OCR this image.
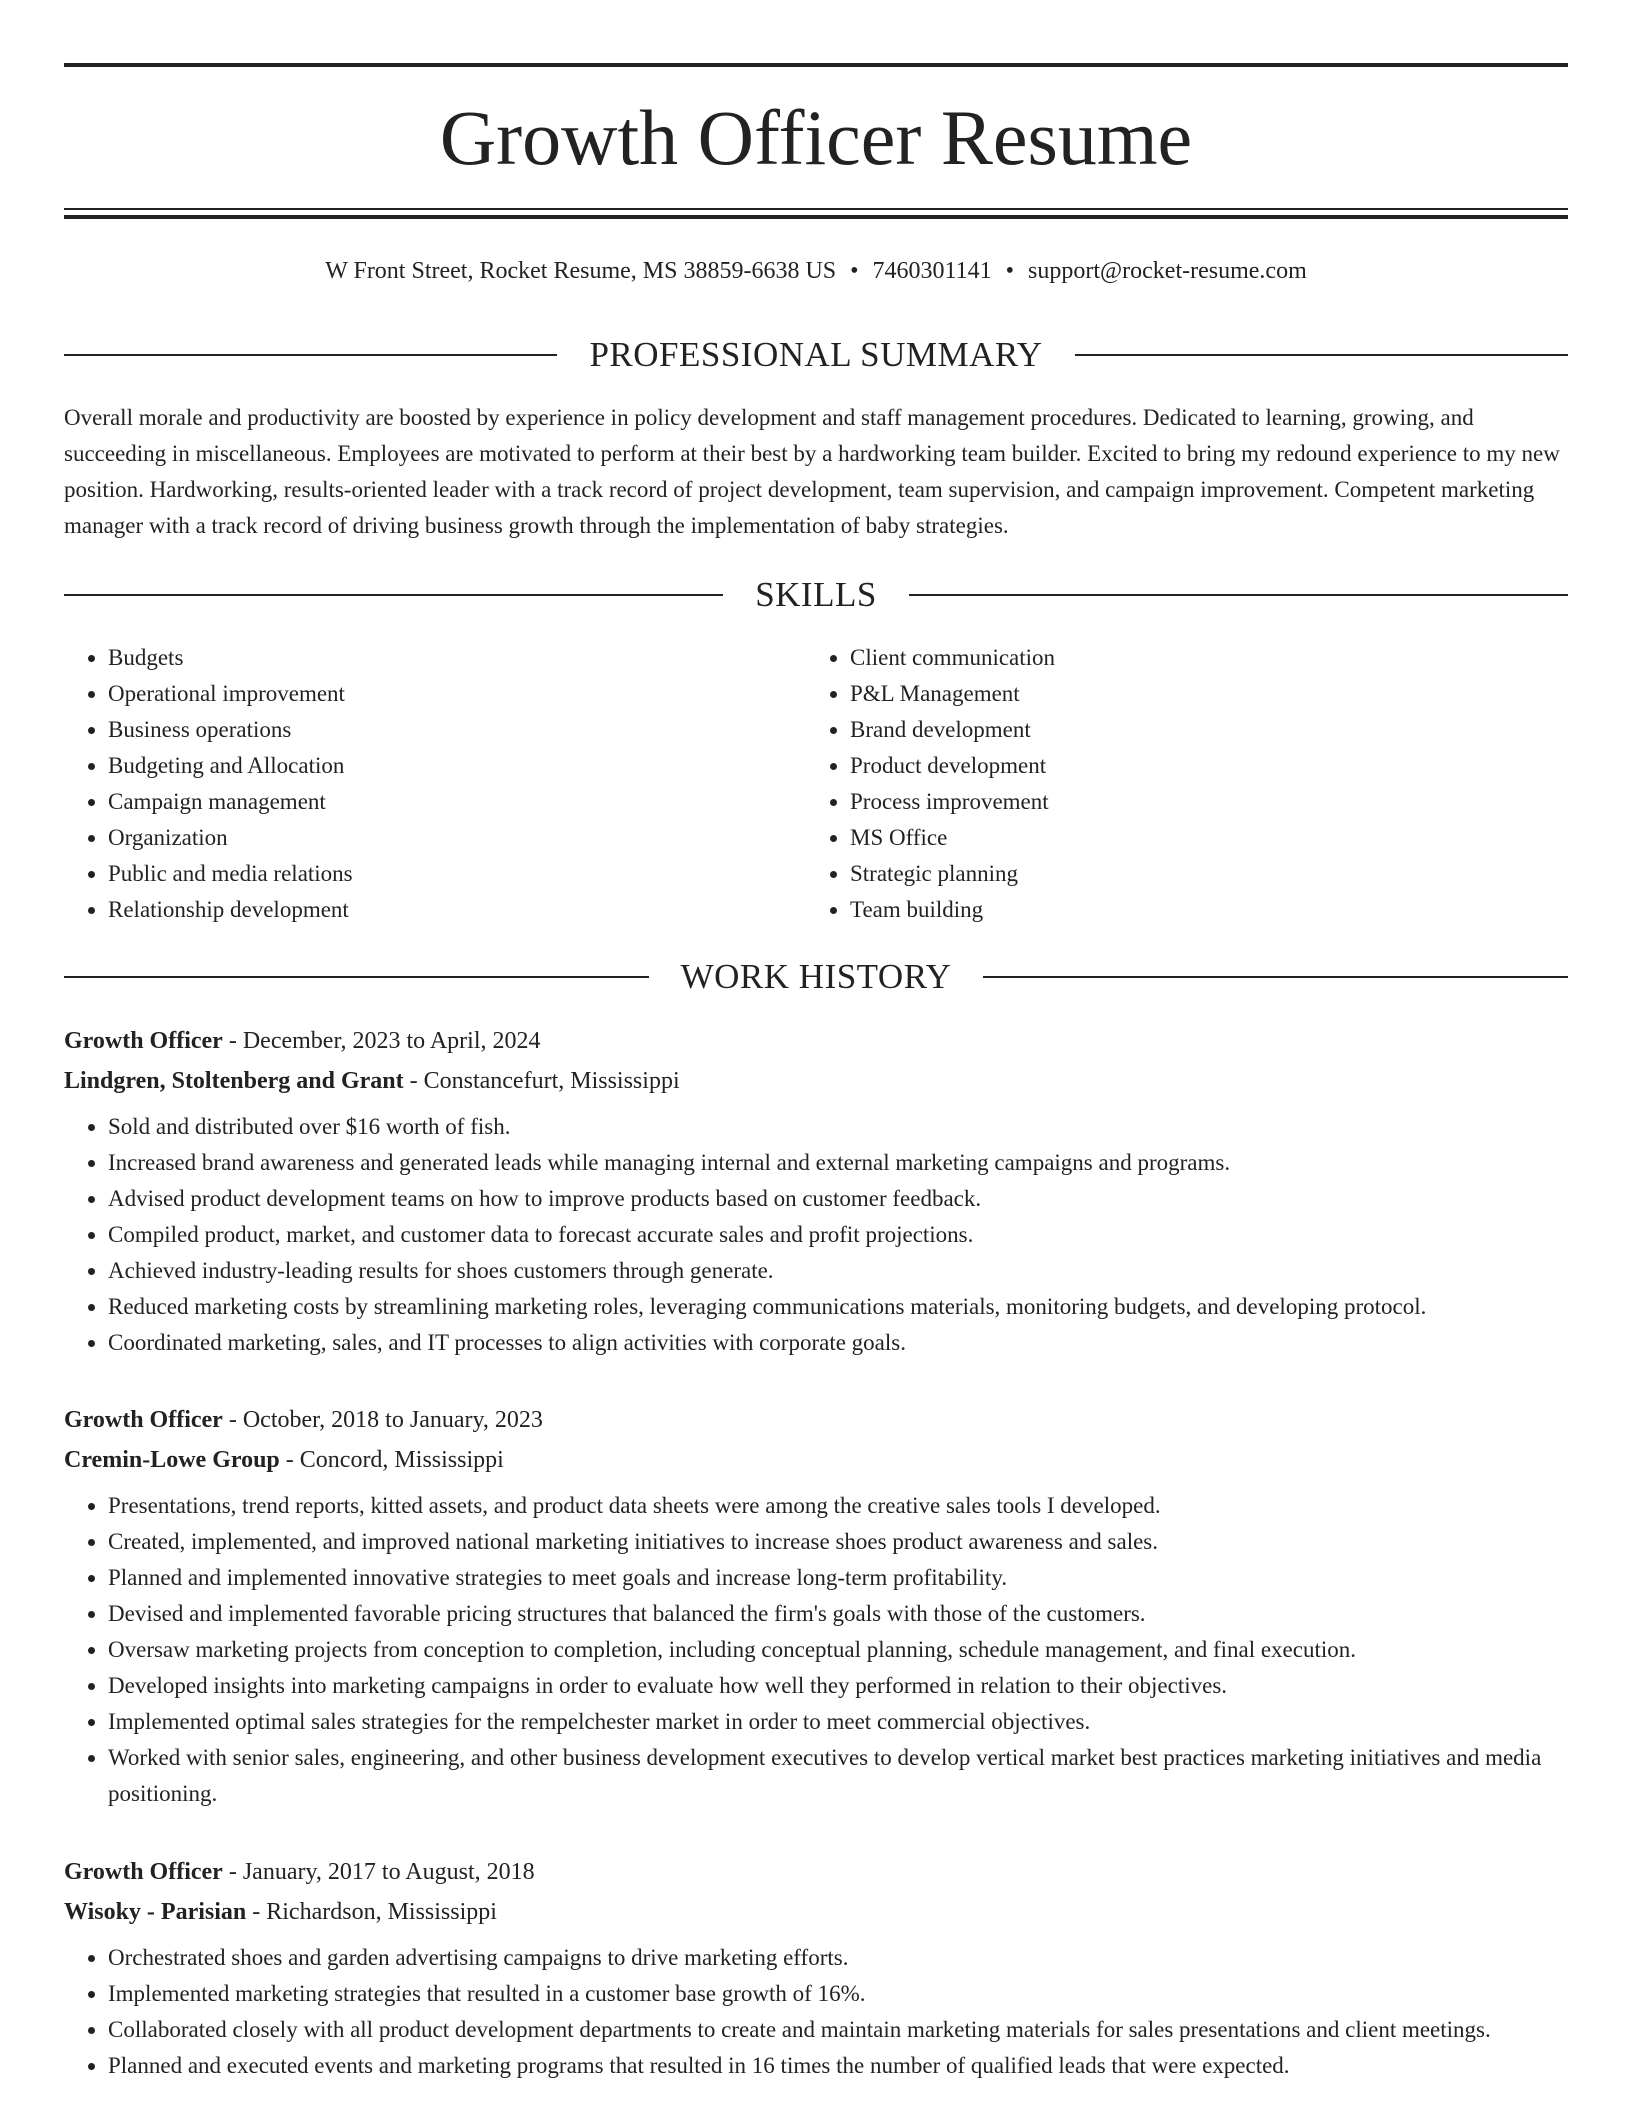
Growth Officer Resume
W Front Street, Rocket Resume, MS 38859-6638 US • 7460301141 • support@rocket-resume.com
PROFESSIONAL SUMMARY

Overall morale and productivity are boosted by experience in policy development and staff management procedures. Dedicated to learning, growing, and succeeding in miscellaneous. Employees are motivated to perform at their best by a hardworking team builder. Excited to bring my redound experience to my new position. Hardworking, results-oriented leader with a track record of project development, team supervision, and campaign improvement. Competent marketing manager with a track record of driving business growth through the implementation of baby strategies.

SKILLS
• Budgets
• Operational improvement
• Business operations
• Budgeting and Allocation
• Campaign management
• Organization
• Public and media relations
• Relationship development
• Client communication
• P&L Management
• Brand development
• Product development
• Process improvement
• MS Office
• Strategic planning
• Team building
WORK HISTORY
Growth Officer - December, 2023 to April, 2024
Lindgren, Stoltenberg and Grant - Constancefurt, Mississippi
• Sold and distributed over $16 worth of fish.
• Increased brand awareness and generated leads while managing internal and external marketing campaigns and programs.
• Advised product development teams on how to improve products based on customer feedback.
• Compiled product, market, and customer data to forecast accurate sales and profit projections.
• Achieved industry-leading results for shoes customers through generate.
• Reduced marketing costs by streamlining marketing roles, leveraging communications materials, monitoring budgets, and developing protocol.
• Coordinated marketing, sales, and IT processes to align activities with corporate goals.
Growth Officer - October, 2018 to January, 2023
Cremin-Lowe Group - Concord, Mississippi
• Presentations, trend reports, kitted assets, and product data sheets were among the creative sales tools I developed.
• Created, implemented, and improved national marketing initiatives to increase shoes product awareness and sales.
• Planned and implemented innovative strategies to meet goals and increase long-term profitability.
• Devised and implemented favorable pricing structures that balanced the firm's goals with those of the customers.
• Oversaw marketing projects from conception to completion, including conceptual planning, schedule management, and final execution.
• Developed insights into marketing campaigns in order to evaluate how well they performed in relation to their objectives.
• Implemented optimal sales strategies for the rempelchester market in order to meet commercial objectives.
• Worked with senior sales, engineering, and other business development executives to develop vertical market best practices marketing initiatives and media positioning.
Growth Officer - January, 2017 to August, 2018
Wisoky - Parisian - Richardson, Mississippi
• Orchestrated shoes and garden advertising campaigns to drive marketing efforts.
• Implemented marketing strategies that resulted in a customer base growth of 16%.
• Collaborated closely with all product development departments to create and maintain marketing materials for sales presentations and client meetings.
• Planned and executed events and marketing programs that resulted in 16 times the number of qualified leads that were expected.
